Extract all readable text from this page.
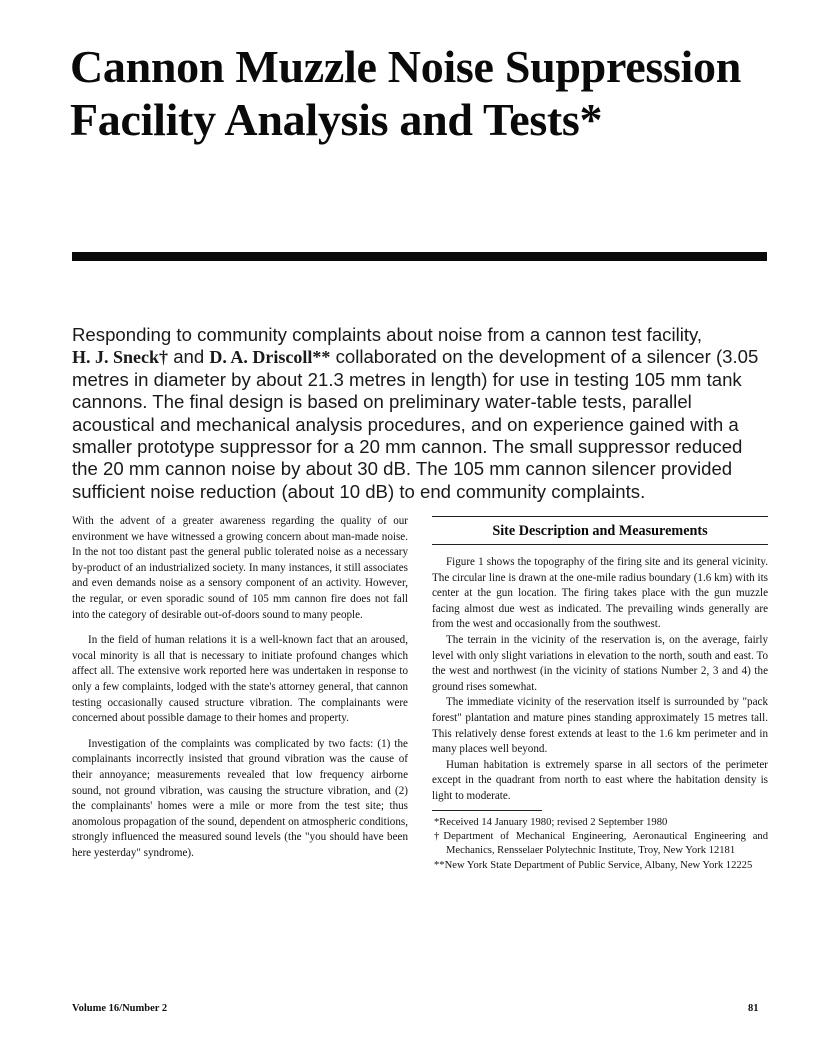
Cannon Muzzle Noise Suppression Facility Analysis and Tests*

Responding to community complaints about noise from a cannon test facility,
H. J. Sneck† and D. A. Driscoll** collaborated on the development of a silencer (3.05 metres in diameter by about 21.3 metres in length) for use in testing 105 mm tank cannons. The final design is based on preliminary water-table tests, parallel acoustical and mechanical analysis procedures, and on experience gained with a smaller prototype suppressor for a 20 mm cannon. The small suppressor reduced the 20 mm cannon noise by about 30 dB. The 105 mm cannon silencer provided sufficient noise reduction (about 10 dB) to end community complaints.

With the advent of a greater awareness regarding the quality of our environment we have witnessed a growing concern about man-made noise. In the not too distant past the general public tolerated noise as a necessary by-product of an industrialized society. In many instances, it still associates and even demands noise as a sensory component of an activity. However, the regular, or even sporadic sound of 105 mm cannon fire does not fall into the category of desirable out-of-doors sound to many people.

In the field of human relations it is a well-known fact that an aroused, vocal minority is all that is necessary to initiate profound changes which affect all. The extensive work reported here was undertaken in response to only a few complaints, lodged with the state's attorney general, that cannon testing occasionally caused structure vibration. The complainants were concerned about possible damage to their homes and property.

Investigation of the complaints was complicated by two facts: (1) the complainants incorrectly insisted that ground vibration was the cause of their annoyance; measurements revealed that low frequency airborne sound, not ground vibration, was causing the structure vibration, and (2) the complainants' homes were a mile or more from the test site; thus anomolous propagation of the sound, dependent on atmospheric conditions, strongly influenced the measured sound levels (the "you should have been here yesterday" syndrome).

Site Description and Measurements

Figure 1 shows the topography of the firing site and its general vicinity. The circular line is drawn at the one-mile radius boundary (1.6 km) with its center at the gun location. The firing takes place with the gun muzzle facing almost due west as indicated. The prevailing winds generally are from the west and occasionally from the southwest.

The terrain in the vicinity of the reservation is, on the average, fairly level with only slight variations in elevation to the north, south and east. To the west and northwest (in the vicinity of stations Number 2, 3 and 4) the ground rises somewhat.

The immediate vicinity of the reservation itself is surrounded by "pack forest" plantation and mature pines standing approximately 15 metres tall. This relatively dense forest extends at least to the 1.6 km perimeter and in many places well beyond.

Human habitation is extremely sparse in all sectors of the perimeter except in the quadrant from north to east where the habitation density is light to moderate.

*Received 14 January 1980; revised 2 September 1980
†Department of Mechanical Engineering, Aeronautical Engineering and Mechanics, Rensselaer Polytechnic Institute, Troy, New York 12181
**New York State Department of Public Service, Albany, New York 12225
Volume 16/Number 2	81
